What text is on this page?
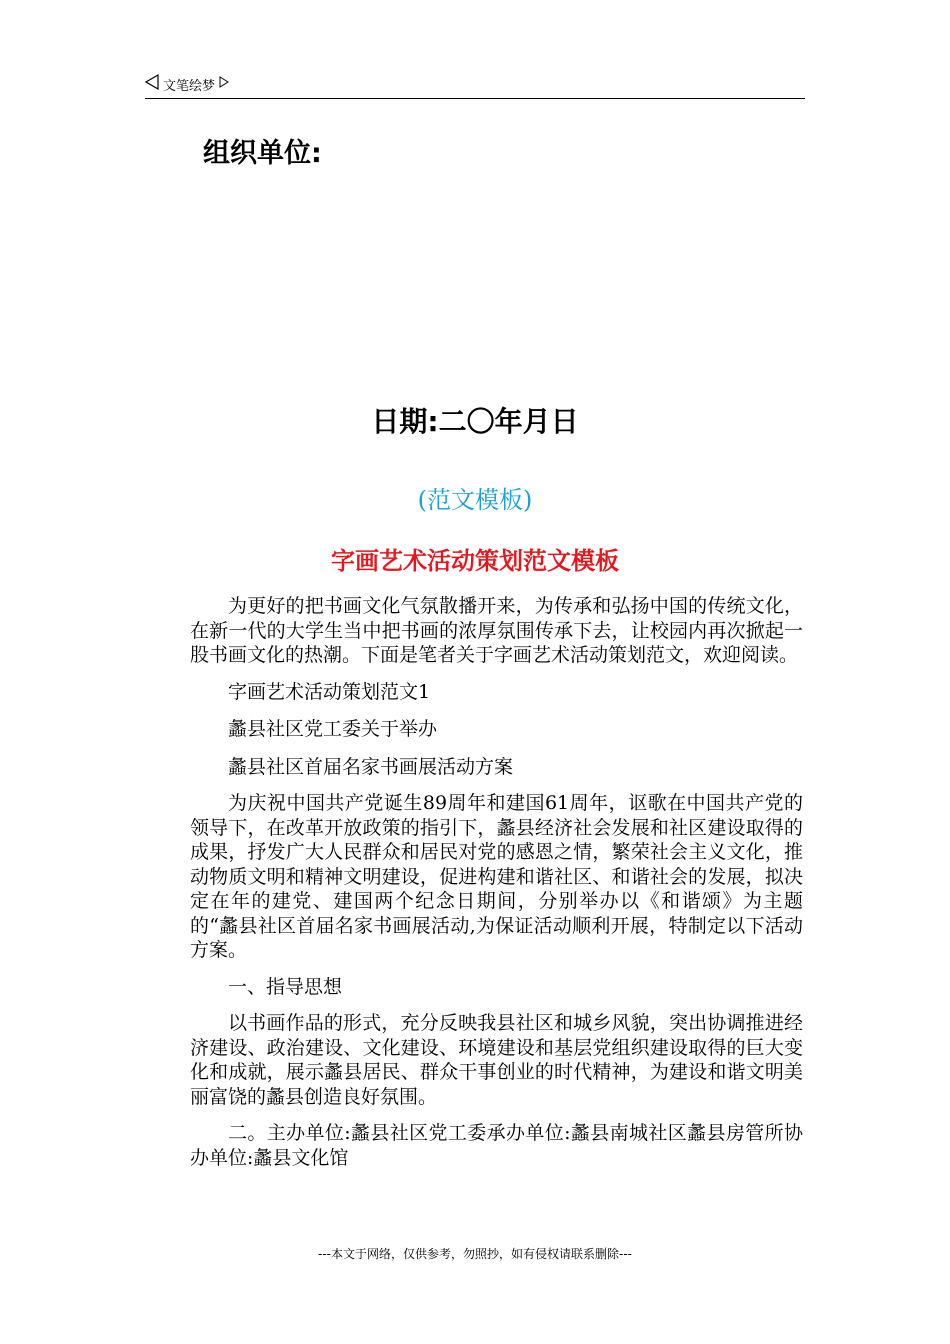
文笔绘梦
组织单位:
日期:二〇年月日
(范文模板)
字画艺术活动策划范文模板

为更好的把书画文化气氛散播开来，为传承和弘扬中国的传统文化，在新一代的大学生当中把书画的浓厚氛围传承下去，让校园内再次掀起一股书画文化的热潮。下面是笔者关于字画艺术活动策划范文，欢迎阅读。

字画艺术活动策划范文1

蠡县社区党工委关于举办

蠡县社区首届名家书画展活动方案

为庆祝中国共产党诞生89周年和建国61周年，讴歌在中国共产党的领导下，在改革开放政策的指引下，蠡县经济社会发展和社区建设取得的成果，抒发广大人民群众和居民对党的感恩之情，繁荣社会主义文化，推动物质文明和精神文明建设，促进构建和谐社区、和谐社会的发展，拟决定在年的建党、建国两个纪念日期间，分别举办以《和谐颂》为主题的“蠡县社区首届名家书画展活动,为保证活动顺利开展，特制定以下活动方案。

一、指导思想

以书画作品的形式，充分反映我县社区和城乡风貌，突出协调推进经济建设、政治建设、文化建设、环境建设和基层党组织建设取得的巨大变化和成就，展示蠡县居民、群众干事创业的时代精神，为建设和谐文明美丽富饶的蠡县创造良好氛围。

二。主办单位:蠡县社区党工委承办单位:蠡县南城社区蠡县房管所协办单位:蠡县文化馆

---本文于网络，仅供参考，勿照抄，如有侵权请联系删除---
